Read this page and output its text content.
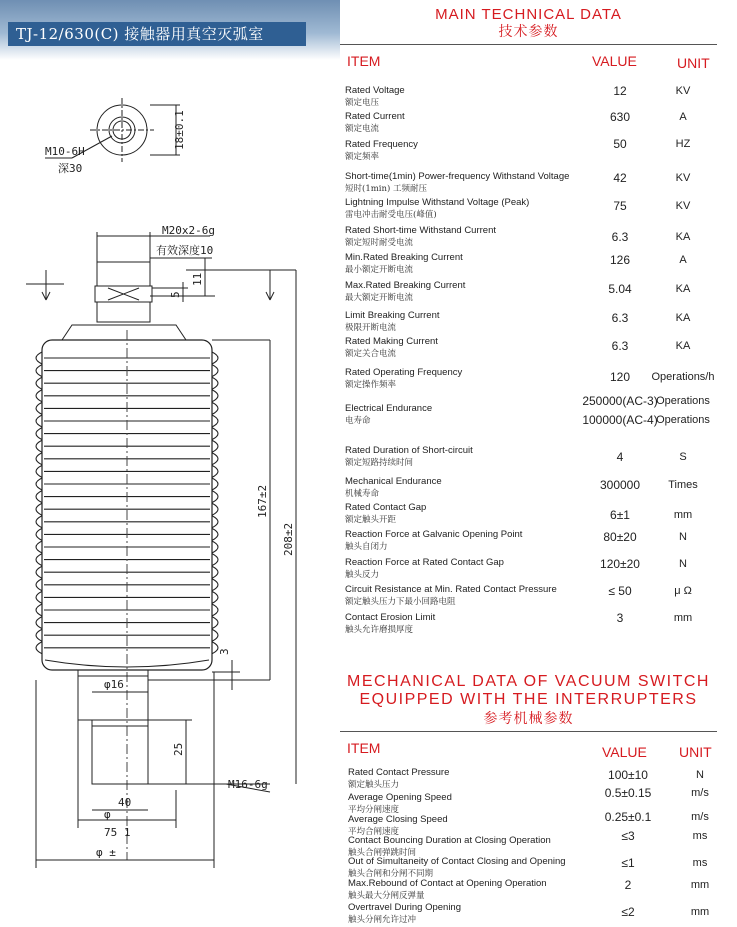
TJ-12/630(C) 接触器用真空灭弧室
M10-6H
深30
18±0.1
M20x2-6g
有效深度10
5
11
167±2
208±2
3
φ16
25
M16-6g
φ
40
75 1
φ ±
MAIN TECHNICAL DATA
技术参数
ITEM	VALUE	UNIT
Rated Voltage
额定电压
12	KV
Rated Current
额定电流
630	A
Rated Frequency
额定频率
50	HZ
Short-time(1min) Power-frequency Withstand Voltage
短时(1min) 工频耐压
42	KV
Lightning Impulse Withstand Voltage (Peak)
雷电冲击耐受电压(峰值)
75	KV
Rated Short-time Withstand Current
额定短时耐受电流	6.3	KA
Min.Rated Breaking Current
最小额定开断电流
126	A
Max.Rated Breaking Current
最大额定开断电流
5.04	KA
Limit Breaking Current
极限开断电流
6.3	KA
Rated Making Current
额定关合电流
6.3	KA
Rated Operating Frequency
额定操作频率
120	Operations/h
Electrical Endurance
电寿命
250000(AC-3)
Operations
100000(AC-4)
Operations
Rated Duration of Short-circuit
额定短路持续时间	4	S
Mechanical Endurance
机械寿命
300000	Times
Rated Contact Gap
额定触头开距	6±1	mm
Reaction Force at Galvanic Opening Point
触头自闭力
80±20	N
Reaction Force at Rated Contact Gap
触头反力
120±20	N
Circuit Resistance at Min. Rated Contact Pressure
额定触头压力下最小回路电阻
≤ 50	μ Ω
Contact Erosion Limit
触头允许磨损厚度
3	mm
MECHANICAL DATA OF VACUUM SWITCH
EQUIPPED WITH THE INTERRUPTERS
参考机械参数
ITEM	VALUE UNIT
Rated Contact Pressure
额定触头压力
100±10	N
Average Opening Speed
平均分闸速度
0.5±0.15	m/s
Average Closing Speed
平均合闸速度
0.25±0.1	m/s
Contact Bouncing Duration at Closing Operation
触头合闸弹跳时间
≤3	ms
Out of Simultaneity of Contact Closing and Opening
触头合闸和分闸不同期
≤1	ms
Max.Rebound of Contact at Opening Operation
触头最大分闸反弹量
2	mm
Overtravel During Opening
触头分闸允许过冲
≤2	mm
